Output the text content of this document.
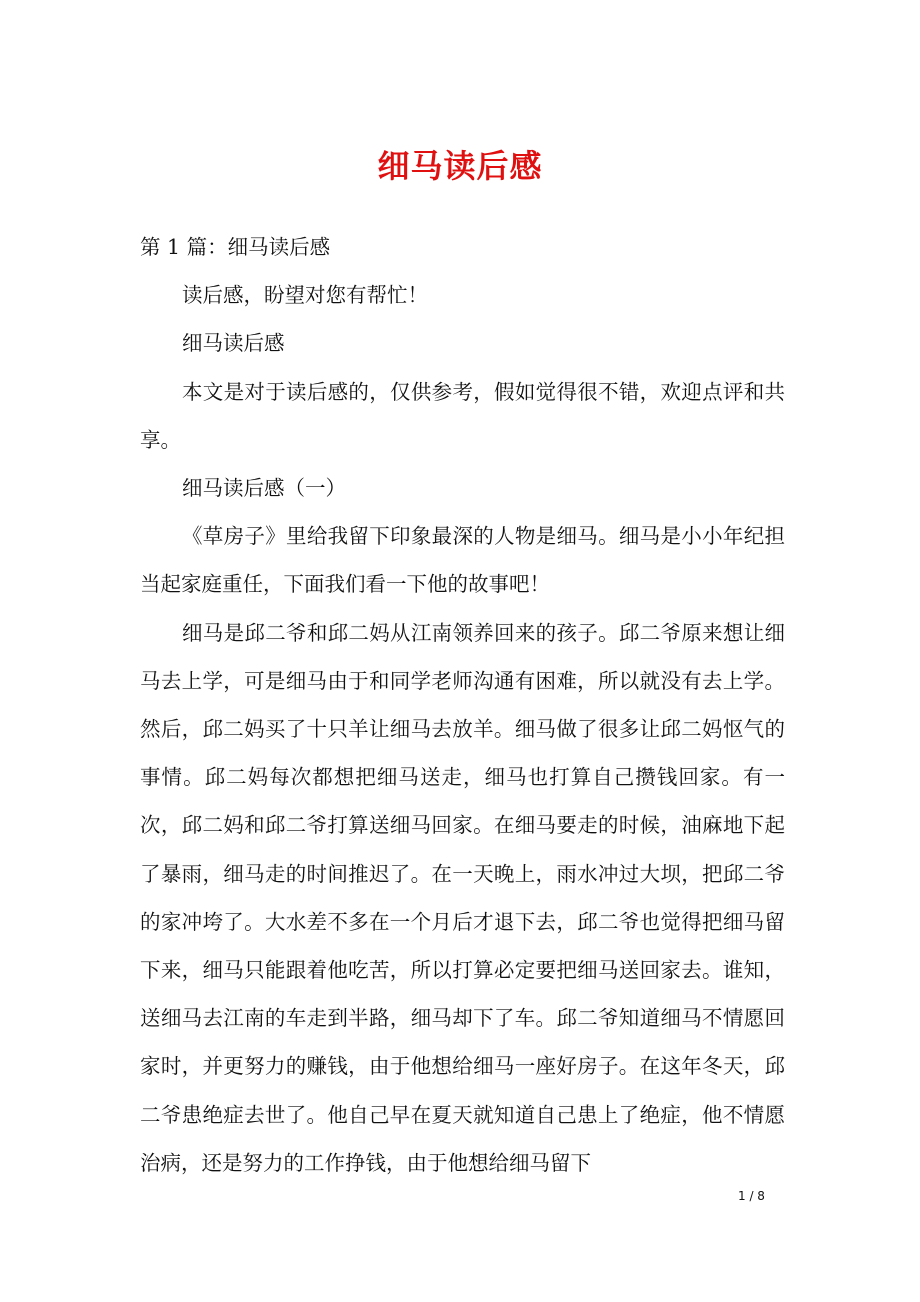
细马读后感

第 1 篇：细马读后感

读后感，盼望对您有帮忙！

细马读后感

本文是对于读后感的，仅供参考，假如觉得很不错，欢迎点评和共享。

细马读后感（一）

《草房子》里给我留下印象最深的人物是细马。细马是小小年纪担当起家庭重任，下面我们看一下他的故事吧！

细马是邱二爷和邱二妈从江南领养回来的孩子。邱二爷原来想让细马去上学，可是细马由于和同学老师沟通有困难，所以就没有去上学。然后，邱二妈买了十只羊让细马去放羊。细马做了很多让邱二妈怄气的事情。邱二妈每次都想把细马送走，细马也打算自己攒钱回家。有一次，邱二妈和邱二爷打算送细马回家。在细马要走的时候，油麻地下起了暴雨，细马走的时间推迟了。在一天晚上，雨水冲过大坝，把邱二爷的家冲垮了。大水差不多在一个月后才退下去，邱二爷也觉得把细马留下来，细马只能跟着他吃苦，所以打算必定要把细马送回家去。谁知，送细马去江南的车走到半路，细马却下了车。邱二爷知道细马不情愿回家时，并更努力的赚钱，由于他想给细马一座好房子。在这年冬天，邱二爷患绝症去世了。他自己早在夏天就知道自己患上了绝症，他不情愿治病，还是努力的工作挣钱，由于他想给细马留下

1 / 8
